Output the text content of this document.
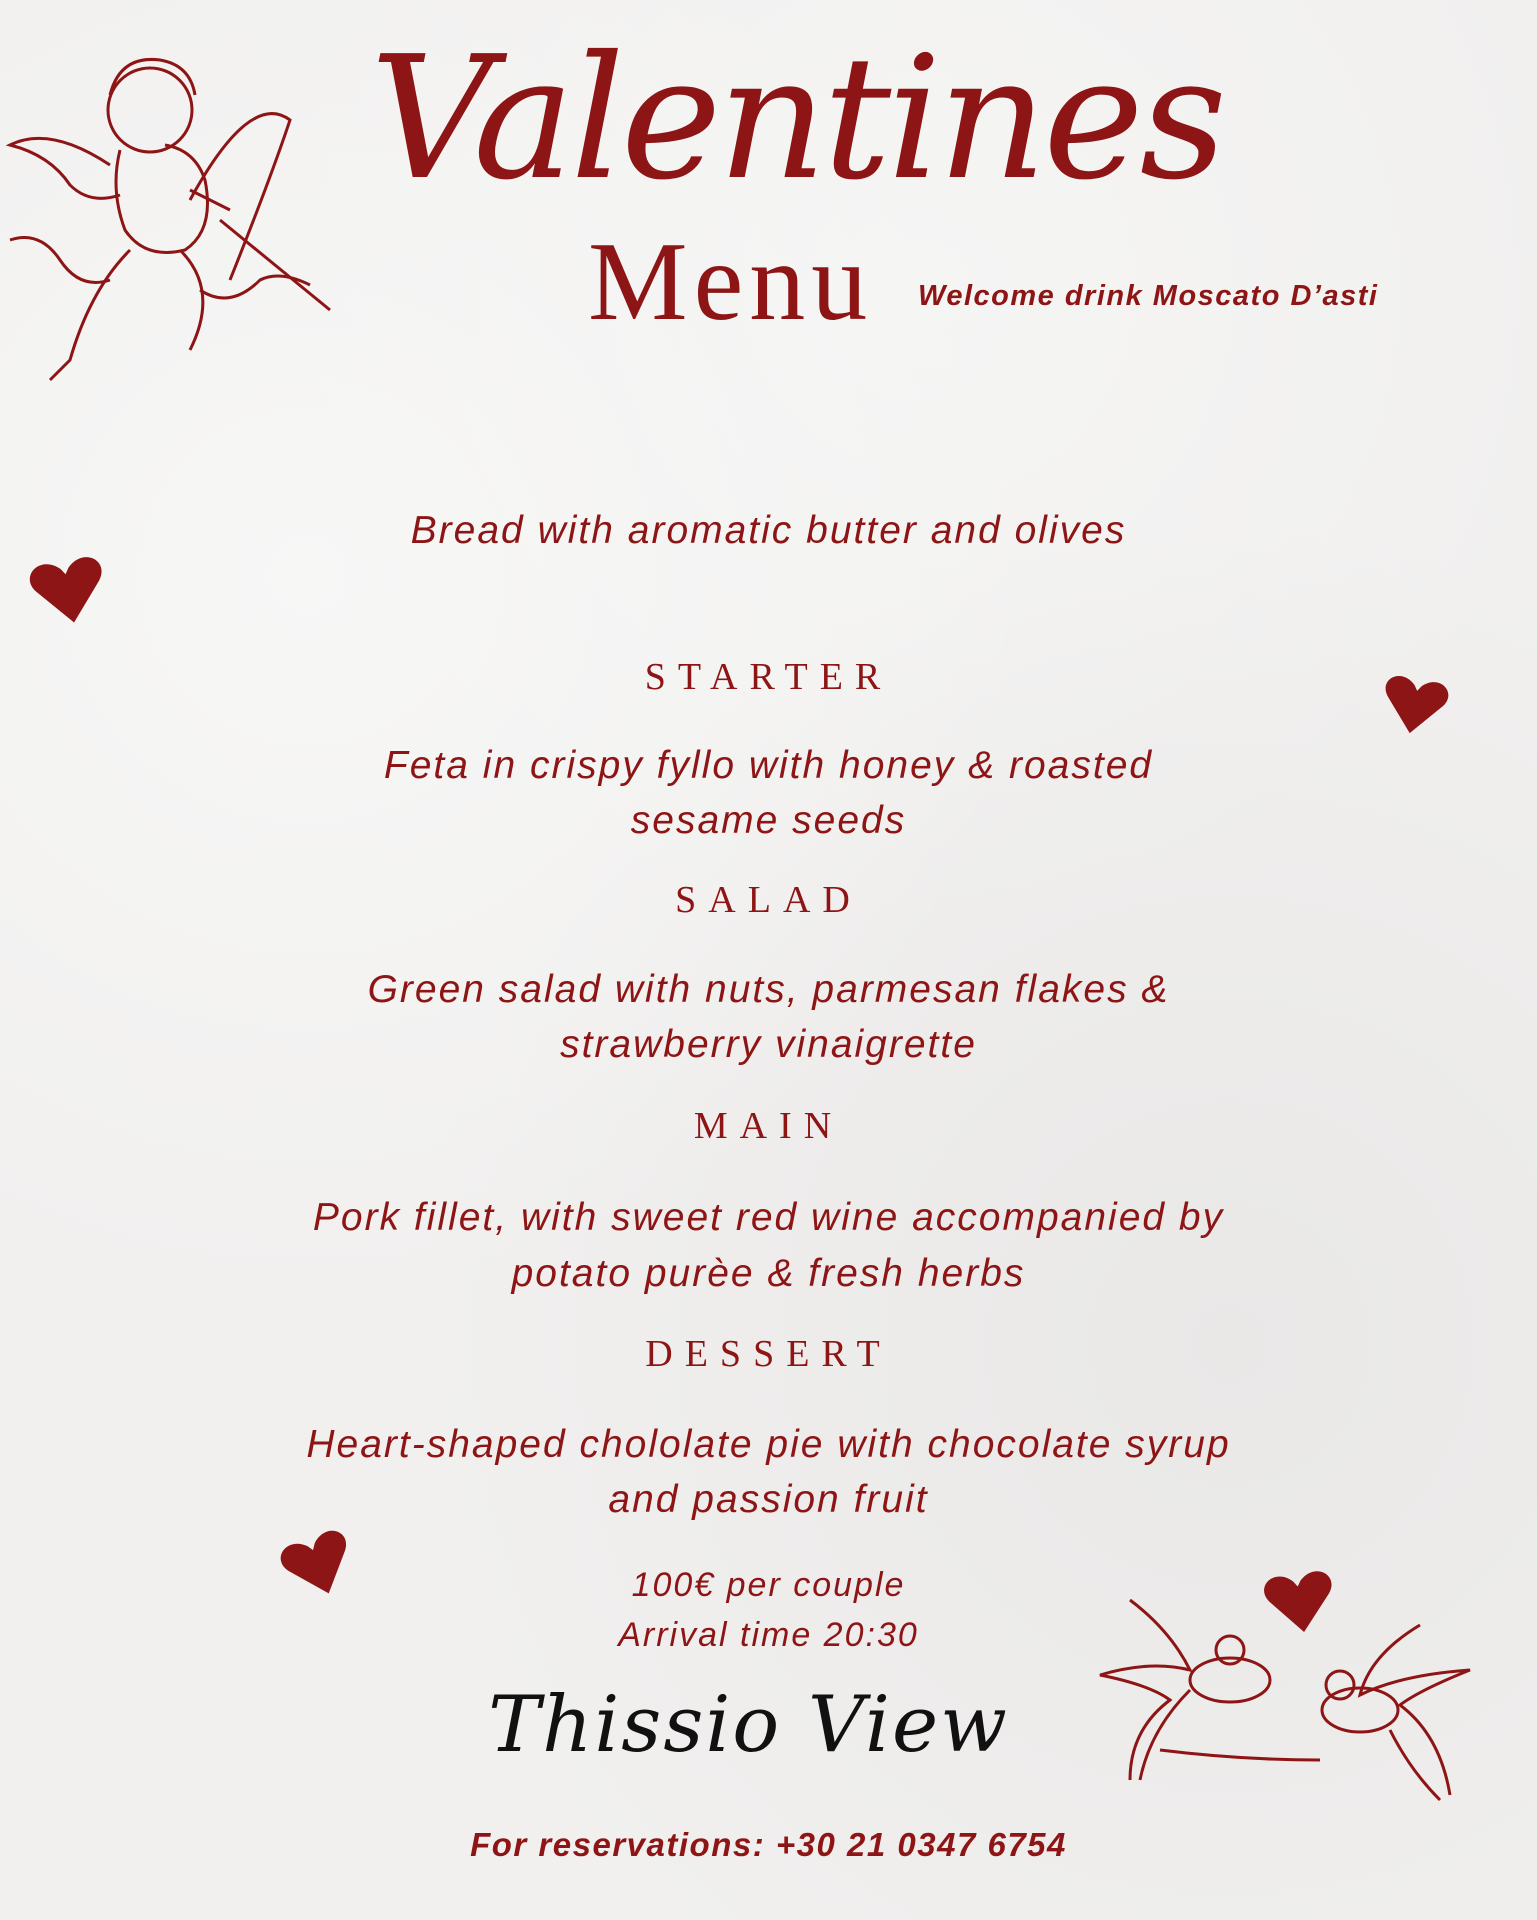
Valentines
Menu Welcome drink Moscato D’asti
Bread with aromatic butter and olives
STARTER
Feta in crispy fyllo with honey & roasted
sesame seeds
SALAD
Green salad with nuts, parmesan flakes &
strawberry vinaigrette
MAIN
Pork fillet, with sweet red wine accompanied by
potato purèe & fresh herbs
DESSERT
Heart-shaped chololate pie with chocolate syrup
and passion fruit
100€ per couple
Arrival time 20:30
Thissio View
For reservations: +30 21 0347 6754
